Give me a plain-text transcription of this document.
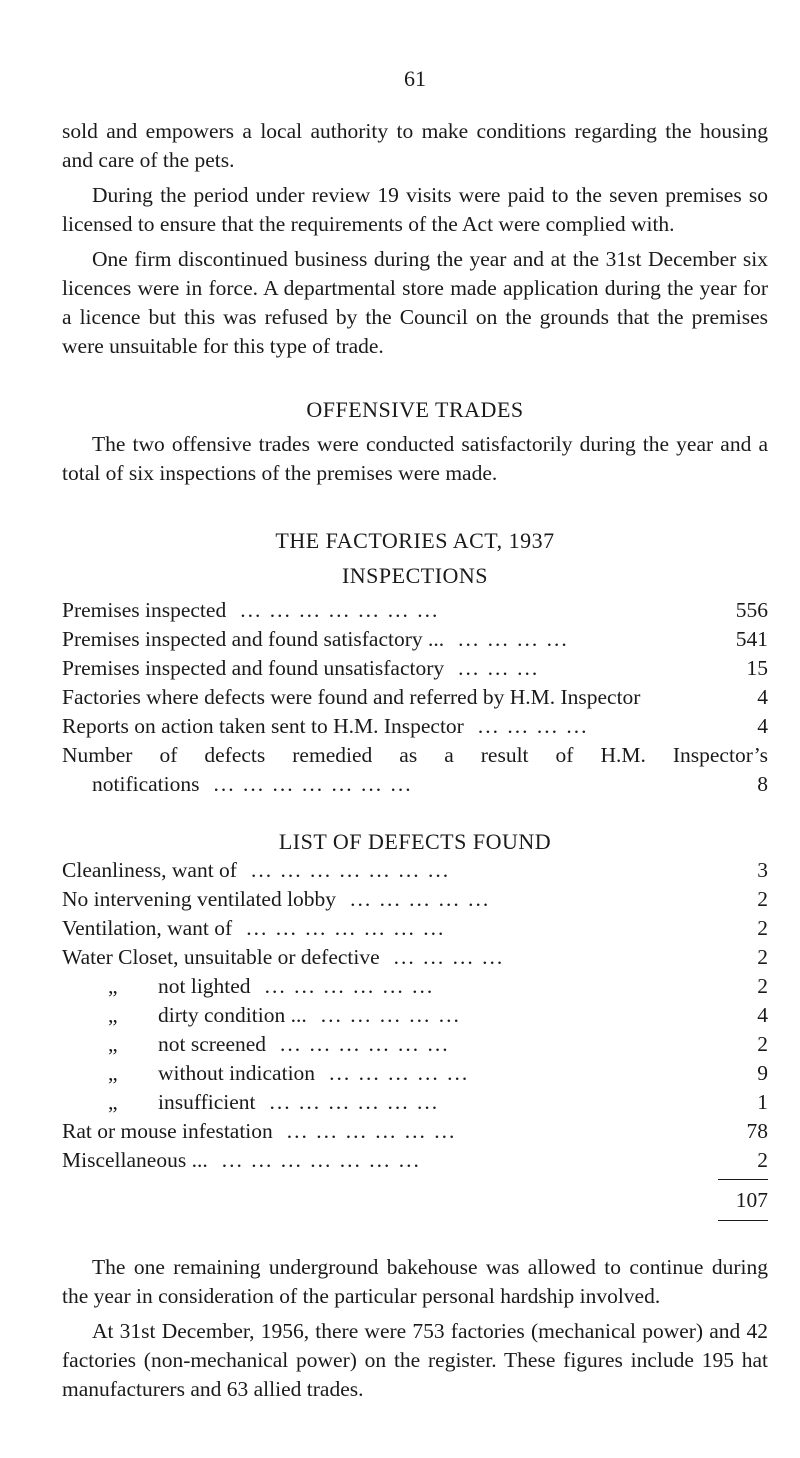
61

sold and empowers a local authority to make conditions regarding the housing and care of the pets.

During the period under review 19 visits were paid to the seven premises so licensed to ensure that the requirements of the Act were complied with.

One firm discontinued business during the year and at the 31st December six licences were in force. A departmental store made application during the year for a licence but this was refused by the Council on the grounds that the premises were unsuitable for this type of trade.

OFFENSIVE TRADES

The two offensive trades were conducted satisfactorily during the year and a total of six inspections of the premises were made.

THE FACTORIES ACT, 1937
INSPECTIONS
Premises inspected ... ... ... ... ... ... ...	556
Premises inspected and found satisfactory ... ... ... ... ...	541
Premises inspected and found unsatisfactory ... ... ...	15
Factories where defects were found and referred by H.M. Inspector	4
Reports on action taken sent to H.M. Inspector ... ... ... ...	4
Number of defects remedied as a result of H.M. Inspector’s
notifications ... ... ... ... ... ... ...	8
LIST OF DEFECTS FOUND
Cleanliness, want of ... ... ... ... ... ... ...	3
No intervening ventilated lobby ... ... ... ... ...	2
Ventilation, want of ... ... ... ... ... ... ...	2
Water Closet, unsuitable or defective ... ... ... ...	2
„ not lighted ... ... ... ... ... ...	2
„ dirty condition ... ... ... ... ... ...	4
„ not screened ... ... ... ... ... ...	2
„ without indication ... ... ... ... ...	9
„ insufficient ... ... ... ... ... ...	1
Rat or mouse infestation ... ... ... ... ... ...	78
Miscellaneous ... ... ... ... ... ... ... ...	2
107

The one remaining underground bakehouse was allowed to continue during the year in consideration of the particular personal hardship involved.

At 31st December, 1956, there were 753 factories (mechanical power) and 42 factories (non-mechanical power) on the register. These figures include 195 hat manufacturers and 63 allied trades.
